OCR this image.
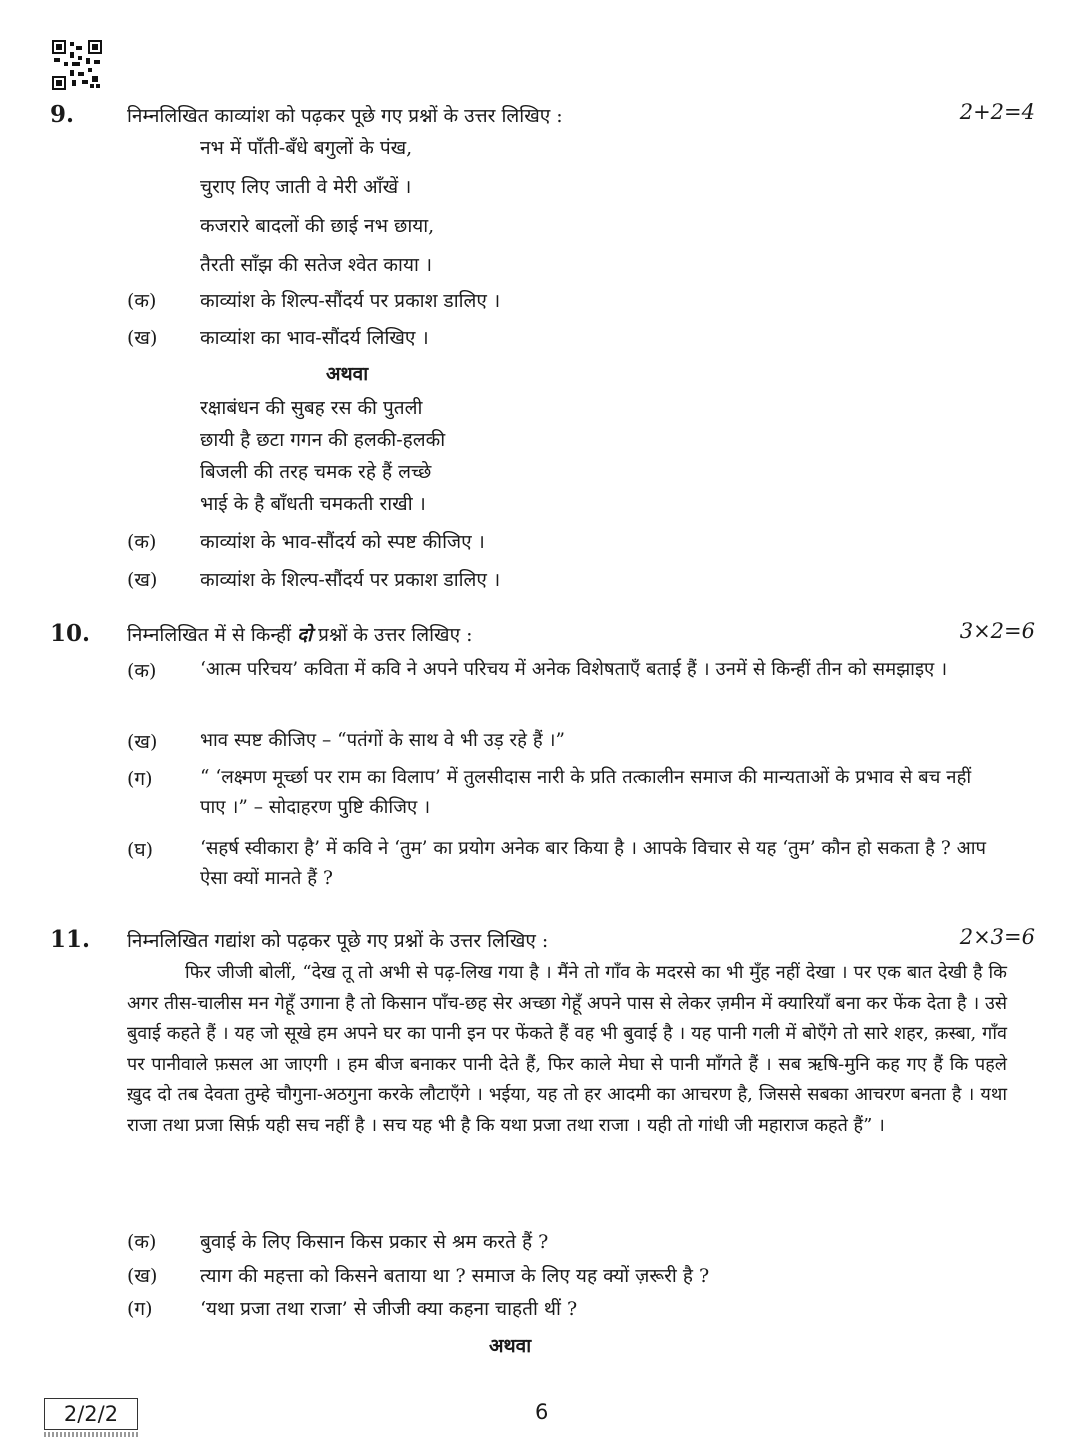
9.	निम्नलिखित काव्यांश को पढ़कर पूछे गए प्रश्नों के उत्तर लिखिए :	2+2=4
नभ में पाँती-बँधे बगुलों के पंख,
चुराए लिए जाती वे मेरी आँखें ।
कजरारे बादलों की छाई नभ छाया,
तैरती साँझ की सतेज श्वेत काया ।
(क) काव्यांश के शिल्प-सौंदर्य पर प्रकाश डालिए ।
(ख) काव्यांश का भाव-सौंदर्य लिखिए ।
अथवा
रक्षाबंधन की सुबह रस की पुतली
छायी है छटा गगन की हलकी-हलकी
बिजली की तरह चमक रहे हैं लच्छे
भाई के है बाँधती चमकती राखी ।
(क) काव्यांश के भाव-सौंदर्य को स्पष्ट कीजिए ।
(ख) काव्यांश के शिल्प-सौंदर्य पर प्रकाश डालिए ।
10. निम्नलिखित में से किन्हीं दो प्रश्नों के उत्तर लिखिए :	3×2=6
(क) ‘आत्म परिचय’ कविता में कवि ने अपने परिचय में अनेक विशेषताएँ बताई हैं । उनमें से किन्हीं तीन को समझाइए ।
(ख) भाव स्पष्ट कीजिए – “पतंगों के साथ वे भी उड़ रहे हैं ।”
(ग)	“ ‘लक्ष्मण मूर्च्छा पर राम का विलाप’ में तुलसीदास नारी के प्रति तत्कालीन समाज की मान्यताओं के प्रभाव से बच नहीं पाए ।” – सोदाहरण पुष्टि कीजिए ।
(घ)	‘सहर्ष स्वीकारा है’ में कवि ने ‘तुम’ का प्रयोग अनेक बार किया है । आपके विचार से यह ‘तुम’ कौन हो सकता है ? आप ऐसा क्यों मानते हैं ?
11. निम्नलिखित गद्यांश को पढ़कर पूछे गए प्रश्नों के उत्तर लिखिए :	2×3=6

फिर जीजी बोलीं, “देख तू तो अभी से पढ़-लिख गया है । मैंने तो गाँव के मदरसे का भी मुँह नहीं देखा । पर एक बात देखी है कि अगर तीस-चालीस मन गेहूँ उगाना है तो किसान पाँच-छह सेर अच्छा गेहूँ अपने पास से लेकर ज़मीन में क्यारियाँ बना कर फेंक देता है । उसे बुवाई कहते हैं । यह जो सूखे हम अपने घर का पानी इन पर फेंकते हैं वह भी बुवाई है । यह पानी गली में बोएँगे तो सारे शहर, क़स्बा, गाँव पर पानीवाले फ़सल आ जाएगी । हम बीज बनाकर पानी देते हैं, फिर काले मेघा से पानी माँगते हैं । सब ऋषि-मुनि कह गए हैं कि पहले ख़ुद दो तब देवता तुम्हे चौगुना-अठगुना करके लौटाएँगे । भईया, यह तो हर आदमी का आचरण है, जिससे सबका आचरण बनता है । यथा राजा तथा प्रजा सिर्फ़ यही सच नहीं है । सच यह भी है कि यथा प्रजा तथा राजा । यही तो गांधी जी महाराज कहते हैं” ।

(क) बुवाई के लिए किसान किस प्रकार से श्रम करते हैं ?
(ख) त्याग की महत्ता को किसने बताया था ? समाज के लिए यह क्यों ज़रूरी है ?
(ग) ‘यथा प्रजा तथा राजा’ से जीजी क्या कहना चाहती थीं ?
अथवा
2/2/2	6
